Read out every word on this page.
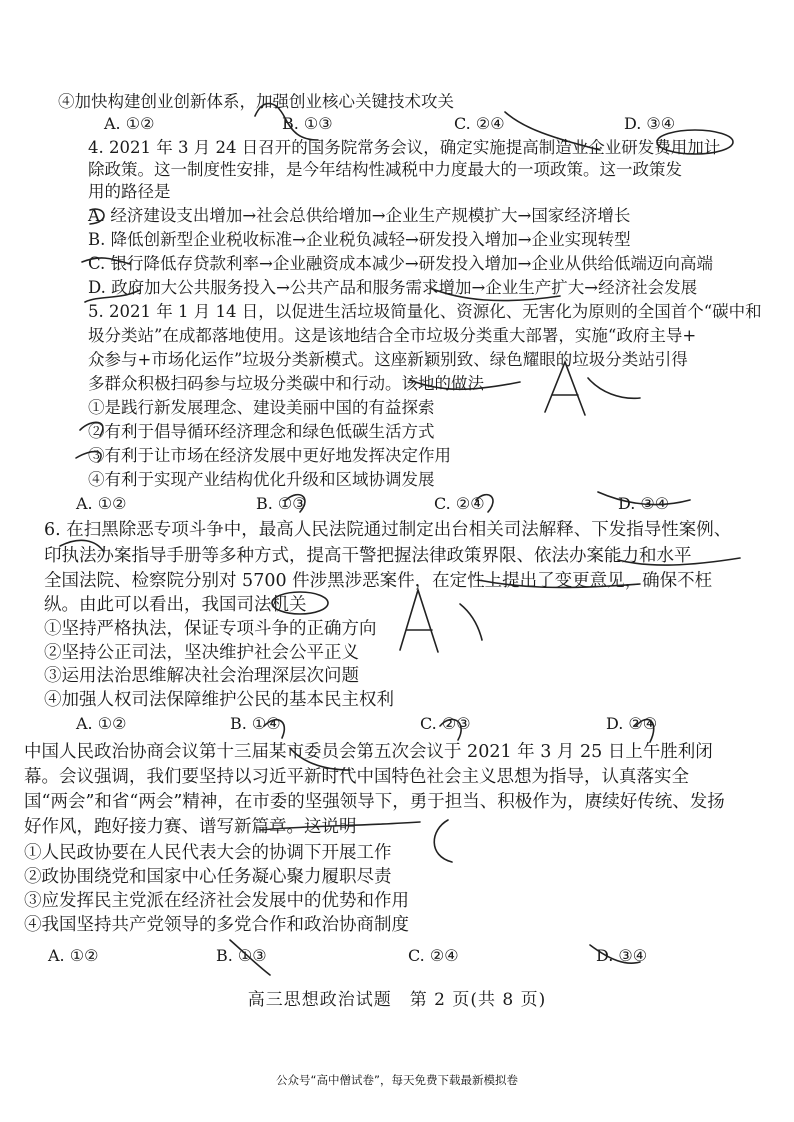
④加快构建创业创新体系，加强创业核心关键技术攻关
A. ①②	B. ①③	C. ②④	D. ③④
4. 2021 年 3 月 24 日召开的国务院常务会议，确定实施提高制造业企业研发费用加计
除政策。这一制度性安排，是今年结构性减税中力度最大的一项政策。这一政策发
用的路径是
A. 经济建设支出增加→社会总供给增加→企业生产规模扩大→国家经济增长
B. 降低创新型企业税收标准→企业税负减轻→研发投入增加→企业实现转型
C. 银行降低存贷款利率→企业融资成本减少→研发投入增加→企业从供给低端迈向高端
D. 政府加大公共服务投入→公共产品和服务需求增加→企业生产扩大→经济社会发展
5. 2021 年 1 月 14 日，以促进生活垃圾简量化、资源化、无害化为原则的全国首个“碳中和
圾分类站”在成都落地使用。这是该地结合全市垃圾分类重大部署，实施“政府主导+
众参与+市场化运作”垃圾分类新模式。这座新颖别致、绿色耀眼的垃圾分类站引得
多群众积极扫码参与垃圾分类碳中和行动。该地的做法
①是践行新发展理念、建设美丽中国的有益探索
②有利于倡导循环经济理念和绿色低碳生活方式
③有利于让市场在经济发展中更好地发挥决定作用
④有利于实现产业结构优化升级和区域协调发展
A. ①②	B. ①③	C. ②④	D. ③④
6. 在扫黑除恶专项斗争中，最高人民法院通过制定出台相关司法解释、下发指导性案例、
印执法办案指导手册等多种方式，提高干警把握法律政策界限、依法办案能力和水平
全国法院、检察院分别对 5700 件涉黑涉恶案件，在定性上提出了变更意见，确保不枉
纵。由此可以看出，我国司法机关
①坚持严格执法，保证专项斗争的正确方向
②坚持公正司法，坚决维护社会公平正义
③运用法治思维解决社会治理深层次问题
④加强人权司法保障维护公民的基本民主权利
A. ①②	B. ①④	C. ②③	D. ②④
中国人民政治协商会议第十三届某市委员会第五次会议于 2021 年 3 月 25 日上午胜利闭
幕。会议强调，我们要坚持以习近平新时代中国特色社会主义思想为指导，认真落实全
国“两会”和省“两会”精神，在市委的坚强领导下，勇于担当、积极作为，赓续好传统、发扬
好作风，跑好接力赛、谱写新篇章。这说明
①人民政协要在人民代表大会的协调下开展工作
②政协围绕党和国家中心任务凝心聚力履职尽责
③应发挥民主党派在经济社会发展中的优势和作用
④我国坚持共产党领导的多党合作和政治协商制度
A. ①②	B. ①③	C. ②④	D. ③④
高三思想政治试题　第 2 页(共 8 页)
公众号“高中僧试卷”，每天免费下载最新模拟卷
